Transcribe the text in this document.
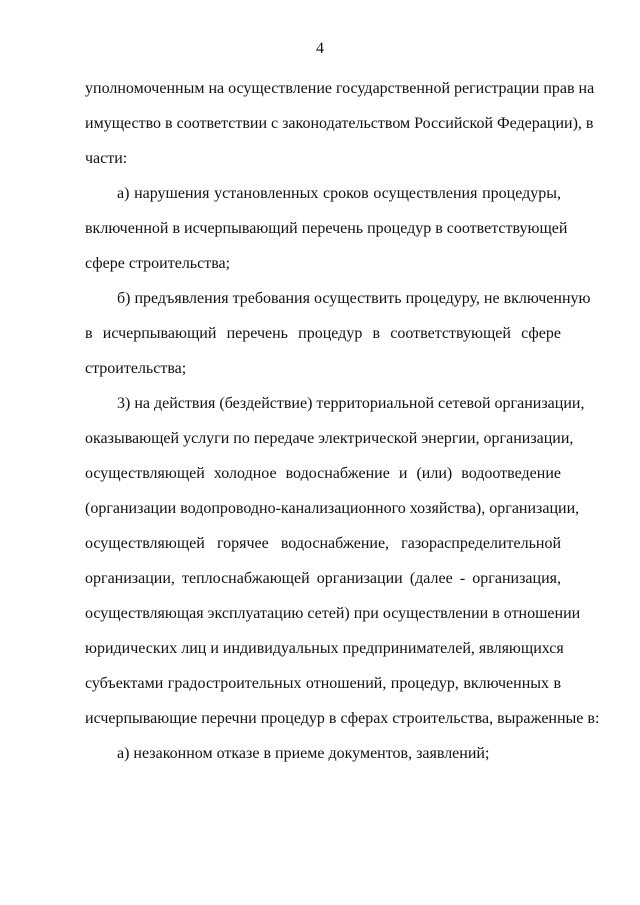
4
уполномоченным на осуществление государственной регистрации прав на
имущество в соответствии с законодательством Российской Федерации), в
части:
а) нарушения установленных сроков осуществления процедуры,
включенной в исчерпывающий перечень процедур в соответствующей
сфере строительства;
б) предъявления требования осуществить процедуру, не включенную
в исчерпывающий перечень процедур в соответствующей сфере
строительства;
3) на действия (бездействие) территориальной сетевой организации,
оказывающей услуги по передаче электрической энергии, организации,
осуществляющей холодное водоснабжение и (или) водоотведение
(организации водопроводно-канализационного хозяйства), организации,
осуществляющей горячее водоснабжение, газораспределительной
организации, теплоснабжающей организации (далее - организация,
осуществляющая эксплуатацию сетей) при осуществлении в отношении
юридических лиц и индивидуальных предпринимателей, являющихся
субъектами градостроительных отношений, процедур, включенных в
исчерпывающие перечни процедур в сферах строительства, выраженные в:
а) незаконном отказе в приеме документов, заявлений;
